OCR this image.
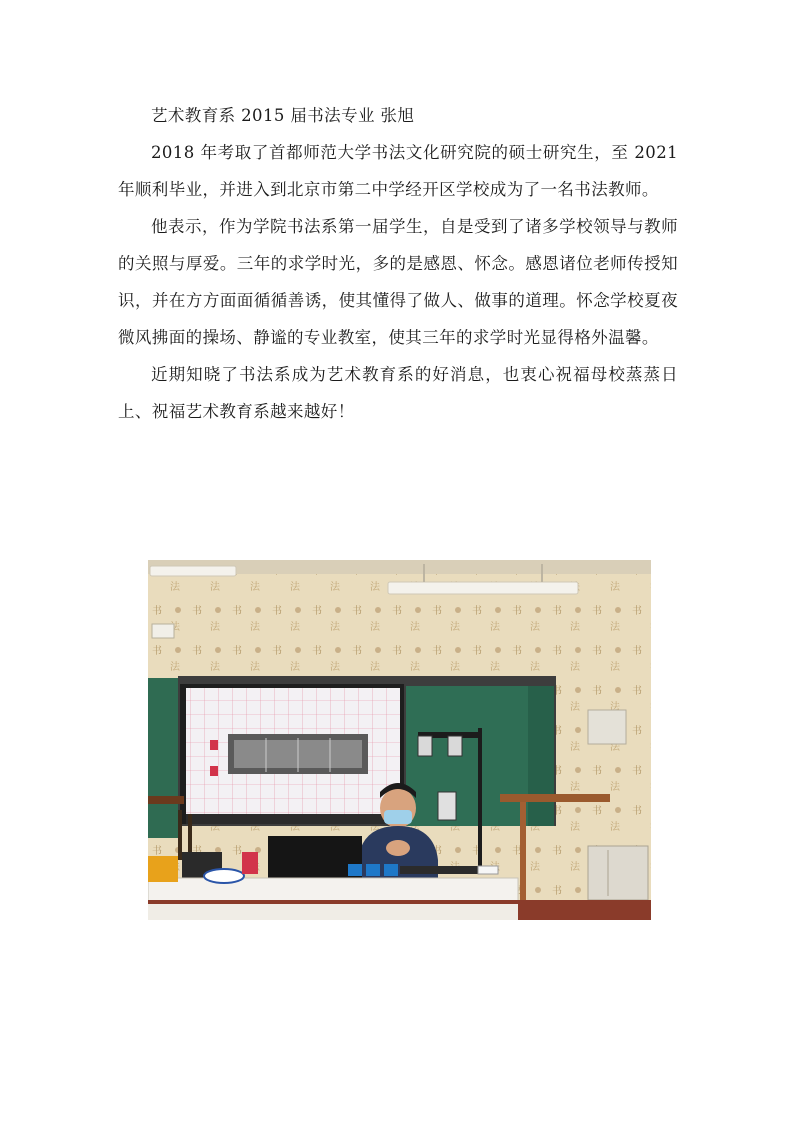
艺术教育系 2015 届书法专业 张旭

2018 年考取了首都师范大学书法文化研究院的硕士研究生，至 2021 年顺利毕业，并进入到北京市第二中学经开区学校成为了一名书法教师。

他表示，作为学院书法系第一届学生，自是受到了诸多学校领导与教师的关照与厚爱。三年的求学时光，多的是感恩、怀念。感恩诸位老师传授知识，并在方方面面循循善诱，使其懂得了做人、做事的道理。怀念学校夏夜微风拂面的操场、静谧的专业教室，使其三年的求学时光显得格外温馨。

近期知晓了书法系成为艺术教育系的好消息，也衷心祝福母校蒸蒸日上、祝福艺术教育系越来越好！
